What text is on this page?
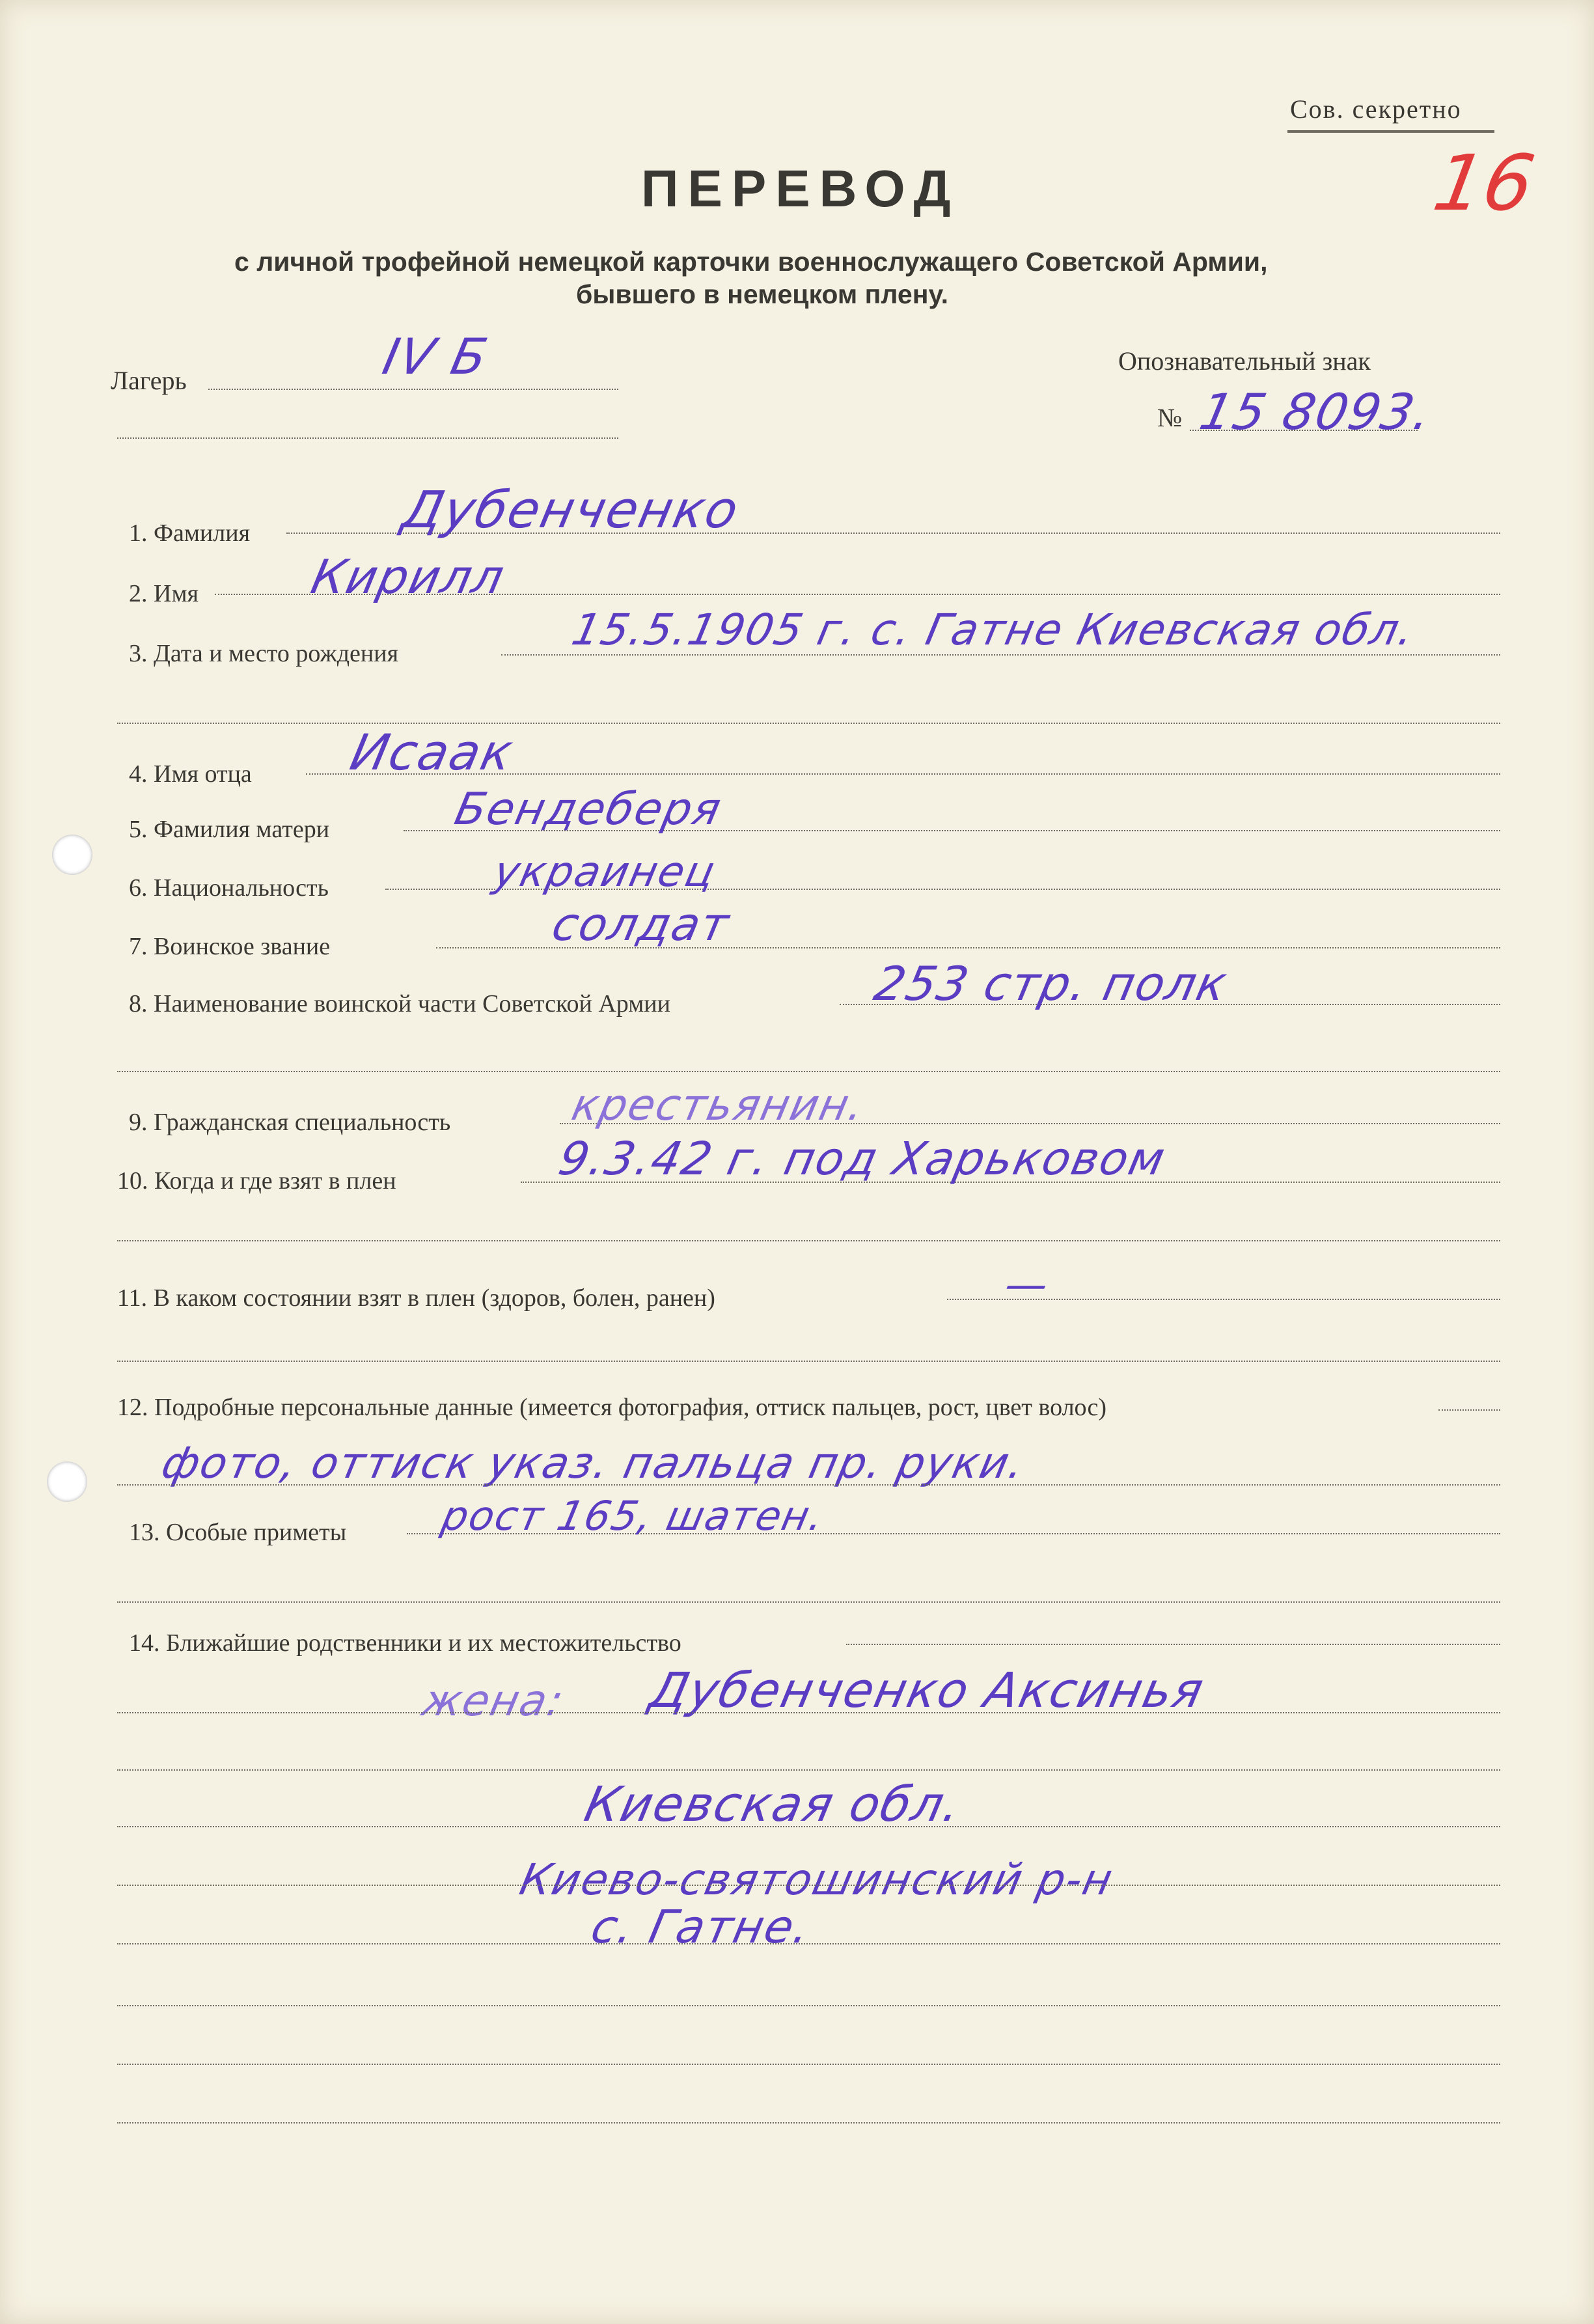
Сов. секретно
16
ПЕРЕВОД
с личной трофейной немецкой карточки военнослужащего Советской Армии,
бывшего в немецком плену.
Лагерь	IV Б	Опознавательный знак
№ 15 8093.
1. Фамилия	Дубенченко
2. Имя Кирилл
3. Дата и место рождения	15.5.1905 г. с. Гатне Киевская обл.
4. Имя отца Исаак
5. Фамилия матери	Бендеберя
6. Национальность	украинец
7. Воинское звание	солдат
8. Наименование воинской части Советской Армии	253 стр. полк
9. Гражданская специальность	крестьянин.
10. Когда и где взят в плен	9.3.42 г. под Харьковом
11. В каком состоянии взят в плен (здоров, болен, ранен)	—
12. Подробные персональные данные (имеется фотография, оттиск пальцев, рост, цвет волос)
фото, оттиск указ. пальца пр. руки.
13. Особые приметы рост 165, шатен.
14. Ближайшие родственники и их местожительство
жена: Дубенченко Аксинья
Киевская обл.
Киево-святошинский р-н
с. Гатне.
